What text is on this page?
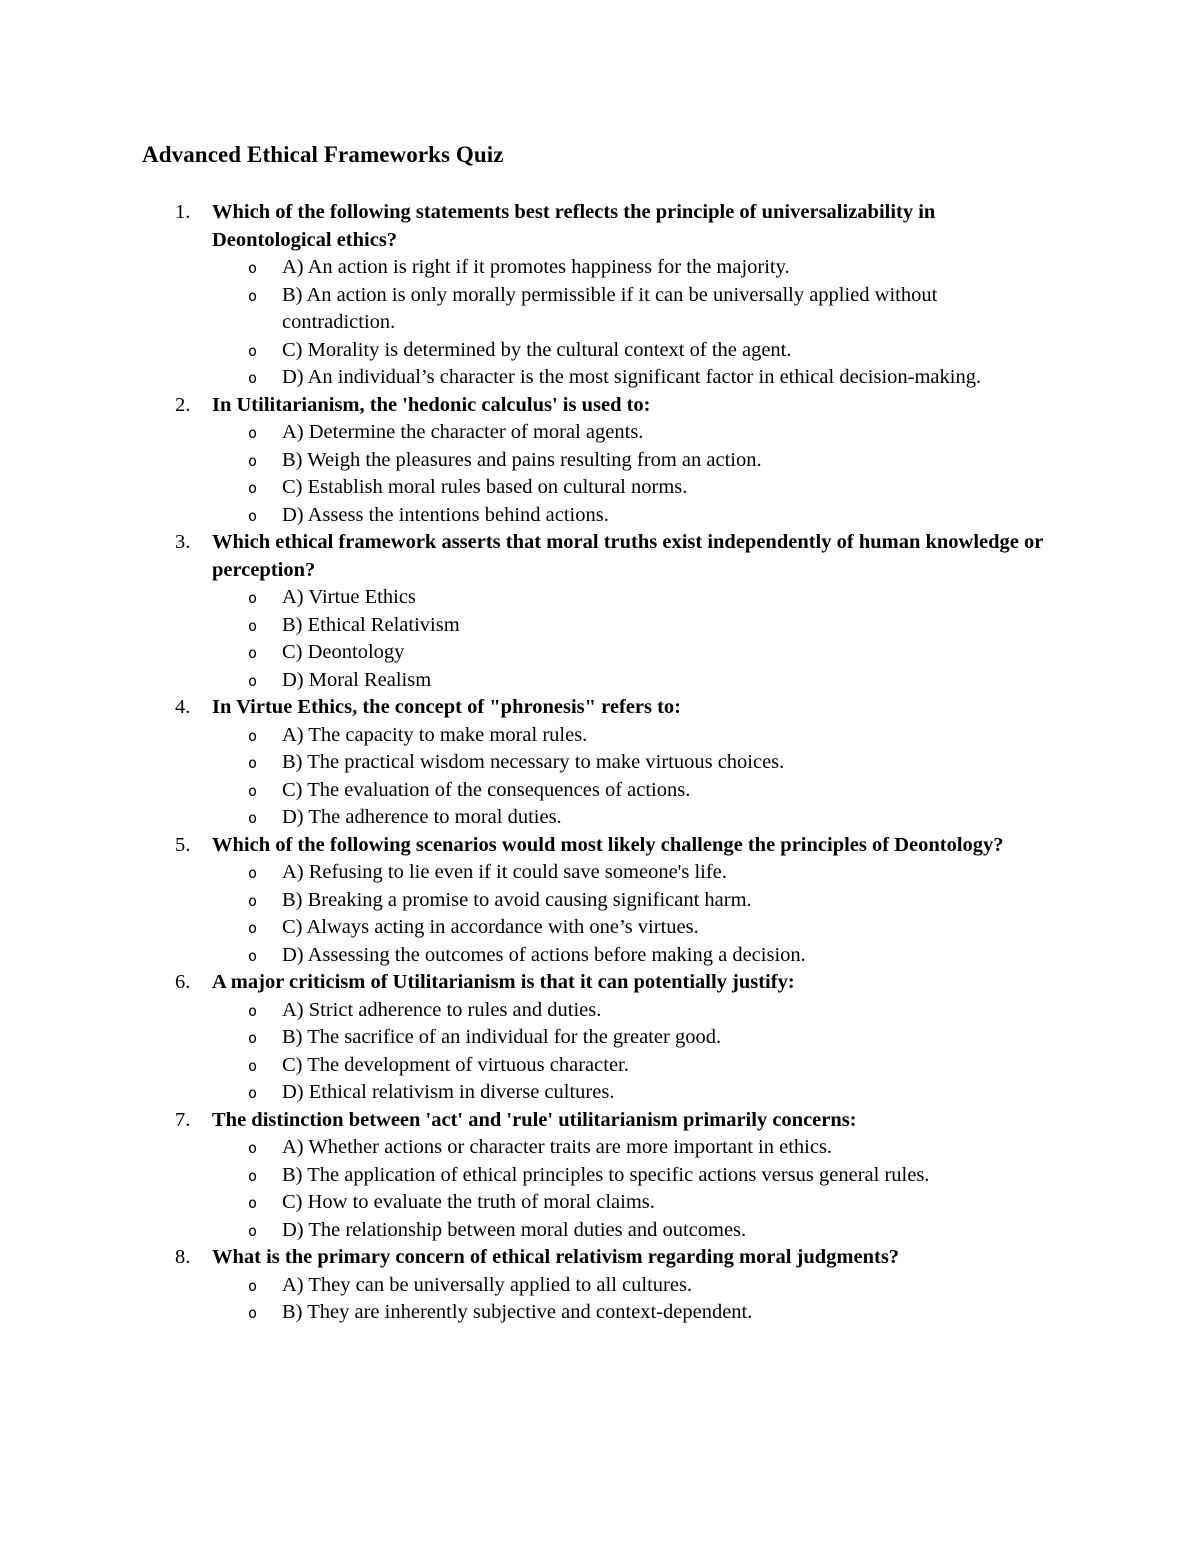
Advanced Ethical Frameworks Quiz
1. Which of the following statements best reflects the principle of universalizability in Deontological ethics?
o A) An action is right if it promotes happiness for the majority.
o B) An action is only morally permissible if it can be universally applied without contradiction.
o C) Morality is determined by the cultural context of the agent.
o D) An individual’s character is the most significant factor in ethical decision-making.
2. In Utilitarianism, the 'hedonic calculus' is used to:
o A) Determine the character of moral agents.
o B) Weigh the pleasures and pains resulting from an action.
o C) Establish moral rules based on cultural norms.
o D) Assess the intentions behind actions.
3. Which ethical framework asserts that moral truths exist independently of human knowledge or perception?
o A) Virtue Ethics
o B) Ethical Relativism
o C) Deontology
o D) Moral Realism
4. In Virtue Ethics, the concept of "phronesis" refers to:
o A) The capacity to make moral rules.
o B) The practical wisdom necessary to make virtuous choices.
o C) The evaluation of the consequences of actions.
o D) The adherence to moral duties.
5. Which of the following scenarios would most likely challenge the principles of Deontology?
o A) Refusing to lie even if it could save someone's life.
o B) Breaking a promise to avoid causing significant harm.
o C) Always acting in accordance with one’s virtues.
o D) Assessing the outcomes of actions before making a decision.
6. A major criticism of Utilitarianism is that it can potentially justify:
o A) Strict adherence to rules and duties.
o B) The sacrifice of an individual for the greater good.
o C) The development of virtuous character.
o D) Ethical relativism in diverse cultures.
7. The distinction between 'act' and 'rule' utilitarianism primarily concerns:
o A) Whether actions or character traits are more important in ethics.
o B) The application of ethical principles to specific actions versus general rules.
o C) How to evaluate the truth of moral claims.
o D) The relationship between moral duties and outcomes.
8. What is the primary concern of ethical relativism regarding moral judgments?
o A) They can be universally applied to all cultures.
o B) They are inherently subjective and context-dependent.
